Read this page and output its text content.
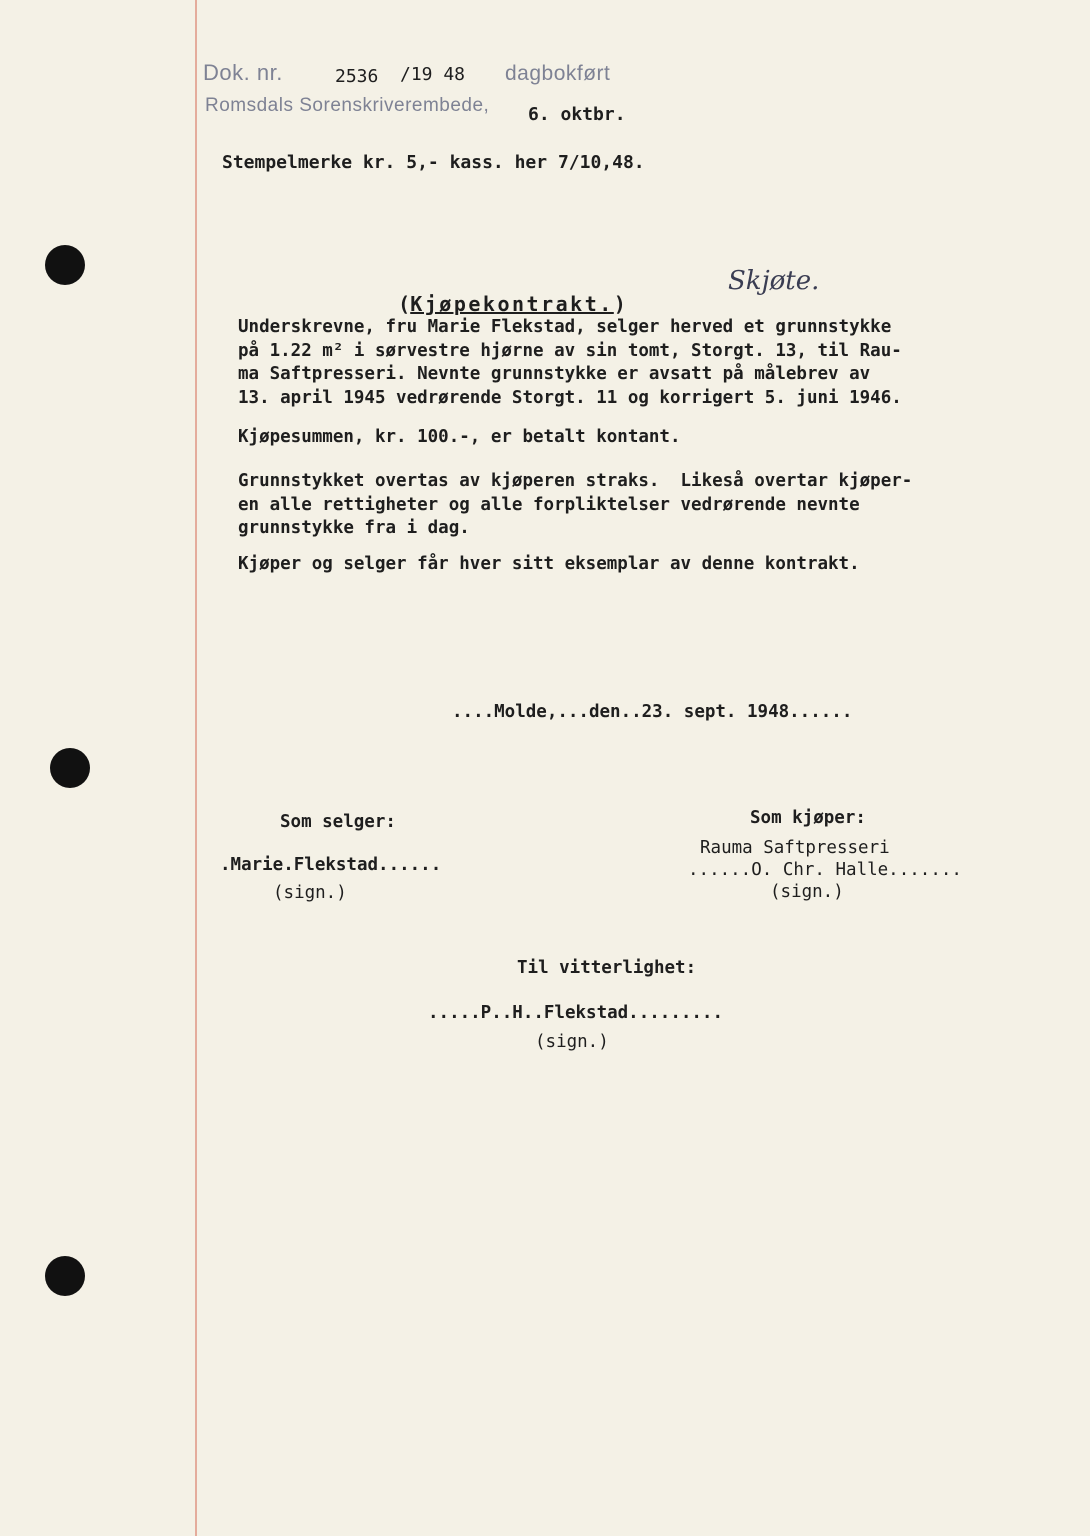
Dok. nr.	2536 /19 48 dagbokført
Romsdals Sorenskriverembede, 6. oktbr.
Stempelmerke kr. 5,- kass. her 7/10,48.

(Kjøpekontrakt.)

Skjøte.
Underskrevne, fru Marie Flekstad, selger herved et grunnstykke
på 1.22 m² i sørvestre hjørne av sin tomt, Storgt. 13, til Rau-
ma Saftpresseri. Nevnte grunnstykke er avsatt på målebrev av
13. april 1945 vedrørende Storgt. 11 og korrigert 5. juni 1946.
Kjøpesummen, kr. 100.-, er betalt kontant.
Grunnstykket overtas av kjøperen straks.  Likeså overtar kjøper-
en alle rettigheter og alle forpliktelser vedrørende nevnte
grunnstykke fra i dag.
Kjøper og selger får hver sitt eksemplar av denne kontrakt.
....Molde,...den..23. sept. 1948......
Som selger:
.Marie.Flekstad......
(sign.)
Som kjøper:
Rauma Saftpresseri
......O. Chr. Halle.......
(sign.)
Til vitterlighet:
.....P..H..Flekstad.........
(sign.)
